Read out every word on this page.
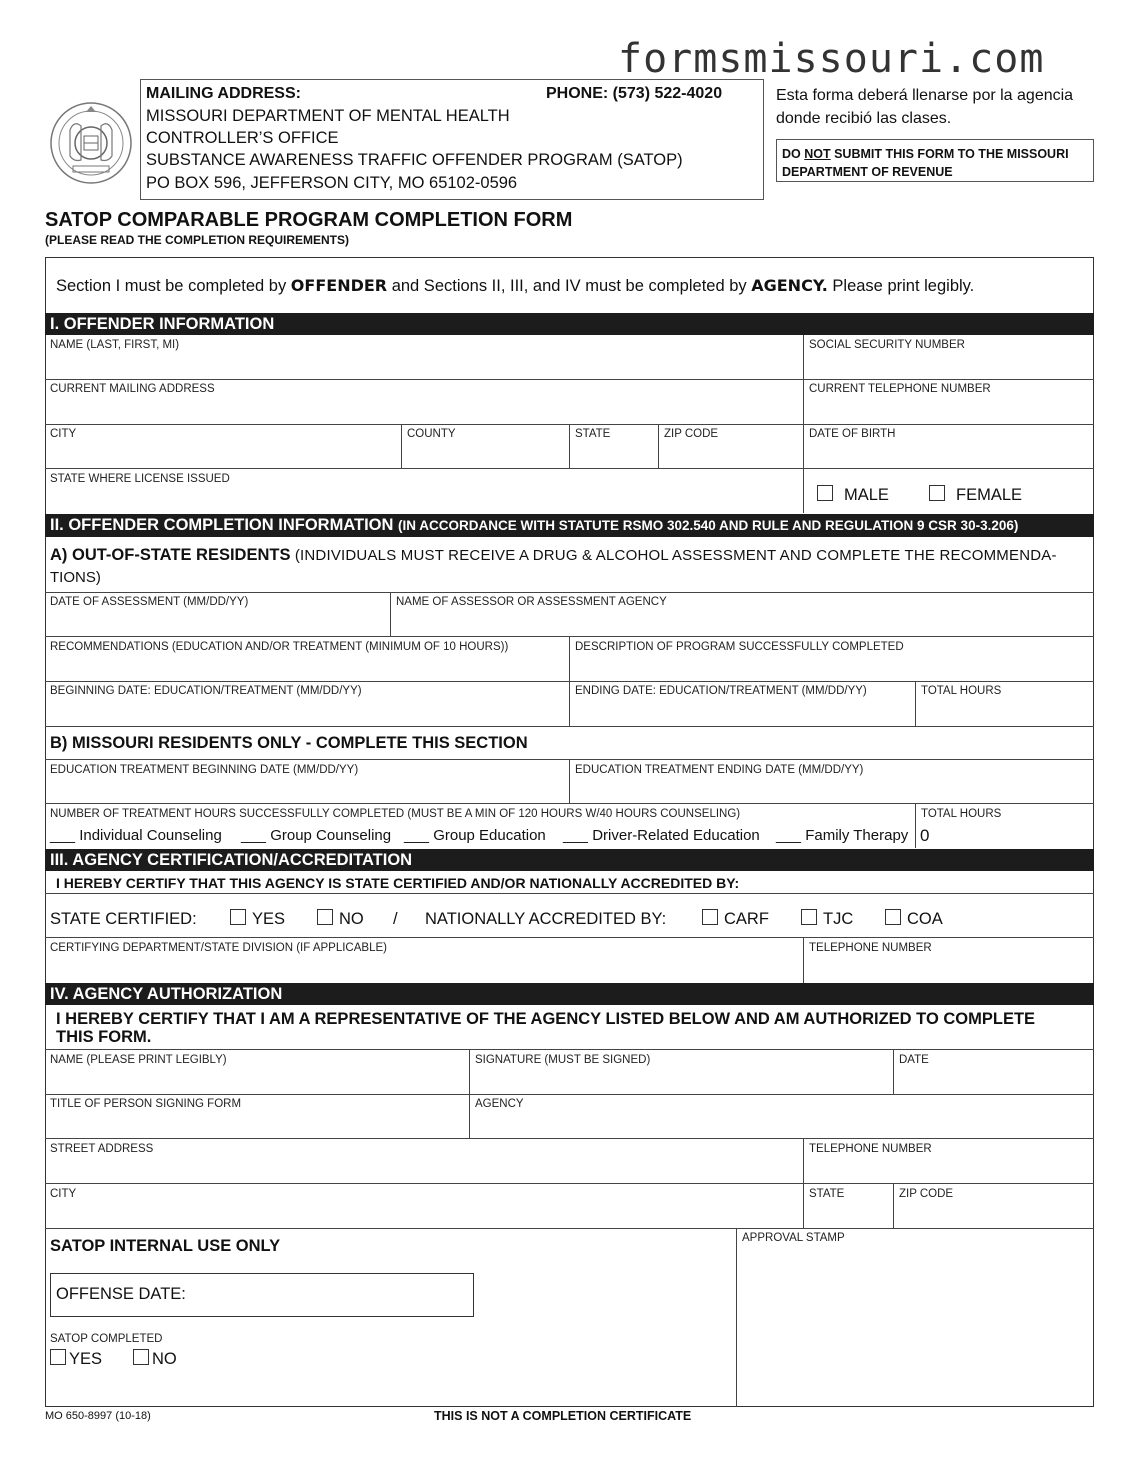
formsmissouri.com
MAILING ADDRESS:	PHONE: (573) 522-4020
MISSOURI DEPARTMENT OF MENTAL HEALTH
CONTROLLER’S OFFICE
SUBSTANCE AWARENESS TRAFFIC OFFENDER PROGRAM (SATOP)
PO BOX 596, JEFFERSON CITY, MO 65102-0596
Esta forma deberá llenarse por la agencia
donde recibió las clases.
DO NOT SUBMIT THIS FORM TO THE MISSOURI
DEPARTMENT OF REVENUE
SATOP COMPARABLE PROGRAM COMPLETION FORM
(PLEASE READ THE COMPLETION REQUIREMENTS)
Section I must be completed by OFFENDER and Sections II, III, and IV must be completed by AGENCY. Please print legibly.
I. OFFENDER INFORMATION
NAME (LAST, FIRST, MI)	SOCIAL SECURITY NUMBER
CURRENT MAILING ADDRESS	CURRENT TELEPHONE NUMBER
CITY	COUNTY	STATE	ZIP CODE	DATE OF BIRTH
STATE WHERE LICENSE ISSUED
MALE	FEMALE
II. OFFENDER COMPLETION INFORMATION (IN ACCORDANCE WITH STATUTE RSMO 302.540 AND RULE AND REGULATION 9 CSR 30-3.206)
A) OUT-OF-STATE RESIDENTS (INDIVIDUALS MUST RECEIVE A DRUG & ALCOHOL ASSESSMENT AND COMPLETE THE RECOMMENDA-
TIONS)
DATE OF ASSESSMENT (MM/DD/YY)	NAME OF ASSESSOR OR ASSESSMENT AGENCY
RECOMMENDATIONS (EDUCATION AND/OR TREATMENT (MINIMUM OF 10 HOURS))	DESCRIPTION OF PROGRAM SUCCESSFULLY COMPLETED
BEGINNING DATE: EDUCATION/TREATMENT (MM/DD/YY)	ENDING DATE: EDUCATION/TREATMENT (MM/DD/YY)	TOTAL HOURS
B) MISSOURI RESIDENTS ONLY - COMPLETE THIS SECTION
EDUCATION TREATMENT BEGINNING DATE (MM/DD/YY)	EDUCATION TREATMENT ENDING DATE (MM/DD/YY)
NUMBER OF TREATMENT HOURS SUCCESSFULLY COMPLETED (MUST BE A MIN OF 120 HOURS W/40 HOURS COUNSELING)	TOTAL HOURS
0
___ Individual Counseling ___ Group Counseling ___ Group Education ___ Driver-Related Education ___ Family Therapy
III. AGENCY CERTIFICATION/ACCREDITATION
I HEREBY CERTIFY THAT THIS AGENCY IS STATE CERTIFIED AND/OR NATIONALLY ACCREDITED BY:
STATE CERTIFIED:	YES	NO / NATIONALLY ACCREDITED BY:	CARF	TJC	COA
CERTIFYING DEPARTMENT/STATE DIVISION (IF APPLICABLE)	TELEPHONE NUMBER
IV. AGENCY AUTHORIZATION
I HEREBY CERTIFY THAT I AM A REPRESENTATIVE OF THE AGENCY LISTED BELOW AND AM AUTHORIZED TO COMPLETE
THIS FORM.
NAME (PLEASE PRINT LEGIBLY)	SIGNATURE (MUST BE SIGNED)	DATE
TITLE OF PERSON SIGNING FORM	AGENCY
STREET ADDRESS	TELEPHONE NUMBER
CITY	STATE	ZIP CODE
SATOP INTERNAL USE ONLY
OFFENSE DATE:
SATOP COMPLETED
YES	NO
APPROVAL STAMP
MO 650-8997 (10-18)	THIS IS NOT A COMPLETION CERTIFICATE
